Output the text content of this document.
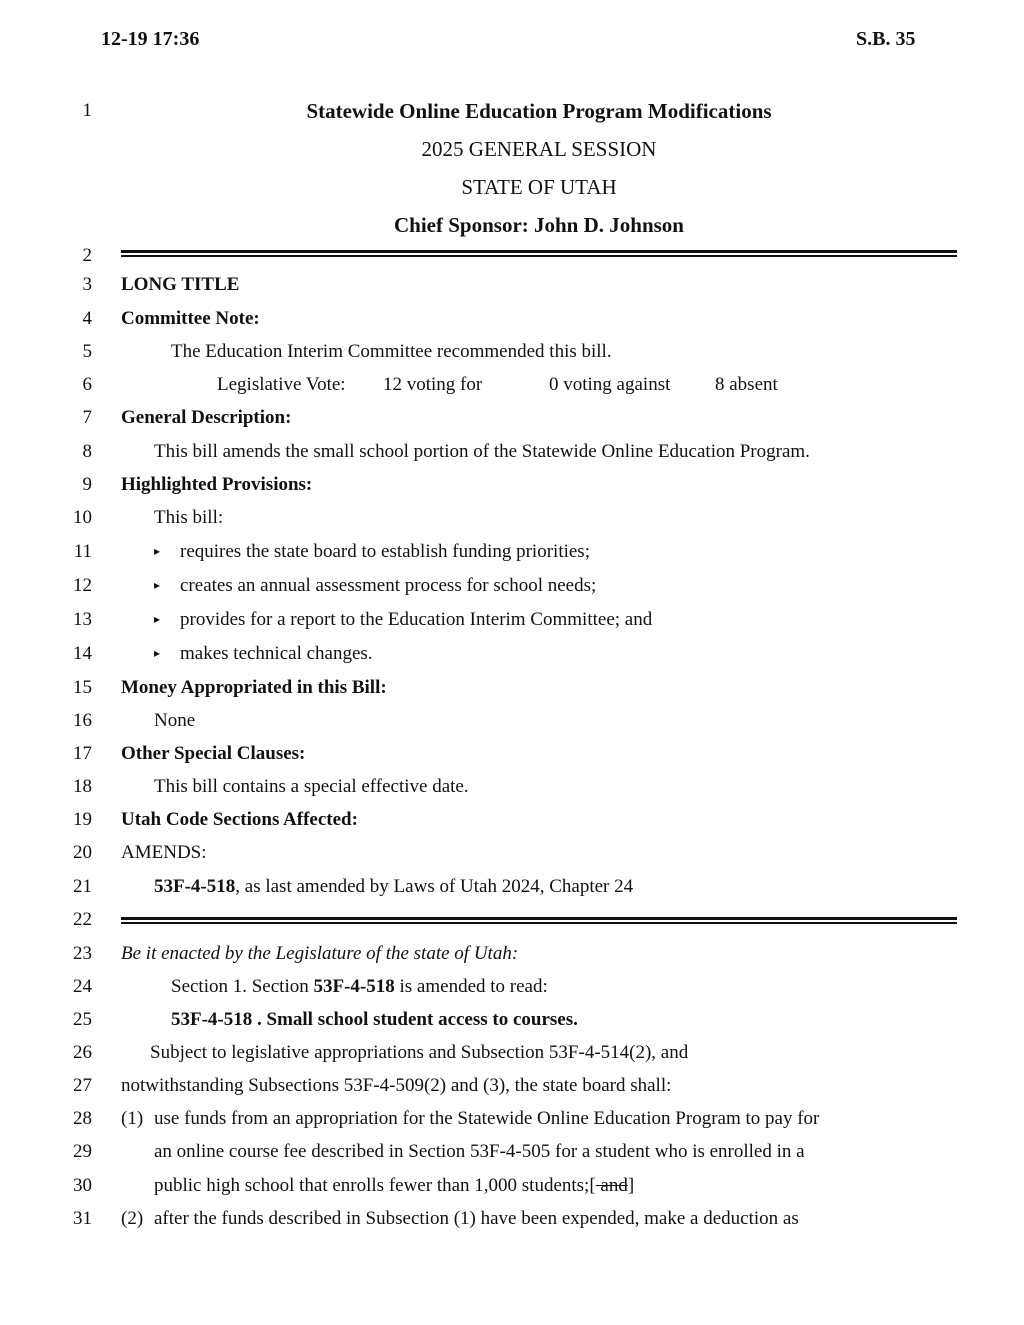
12-19 17:36	S.B. 35
1
2
3
4
5
6
7
8
9
10
11
12
13
14
15
16
17
18
19
20
21
22
23
24
25
26
27
28
29
30
31
Statewide Online Education Program Modifications
2025 GENERAL SESSION
STATE OF UTAH
Chief Sponsor: John D. Johnson
LONG TITLE
Committee Note:
The Education Interim Committee recommended this bill.
Legislative Vote: 12 voting for	0 voting against 8 absent
General Description:
This bill amends the small school portion of the Statewide Online Education Program.
Highlighted Provisions:
This bill:
▸ requires the state board to establish funding priorities;
▸ creates an annual assessment process for school needs;
▸ provides for a report to the Education Interim Committee; and
▸ makes technical changes.
Money Appropriated in this Bill:
None
Other Special Clauses:
This bill contains a special effective date.
Utah Code Sections Affected:
AMENDS:
53F-4-518, as last amended by Laws of Utah 2024, Chapter 24
Be it enacted by the Legislature of the state of Utah:
Section 1. Section 53F-4-518 is amended to read:
53F-4-518 . Small school student access to courses.
Subject to legislative appropriations and Subsection 53F-4-514(2), and
notwithstanding Subsections 53F-4-509(2) and (3), the state board shall:
(1) use funds from an appropriation for the Statewide Online Education Program to pay for
an online course fee described in Section 53F-4-505 for a student who is enrolled in a
public high school that enrolls fewer than 1,000 students;[ and]
(2) after the funds described in Subsection (1) have been expended, make a deduction as
